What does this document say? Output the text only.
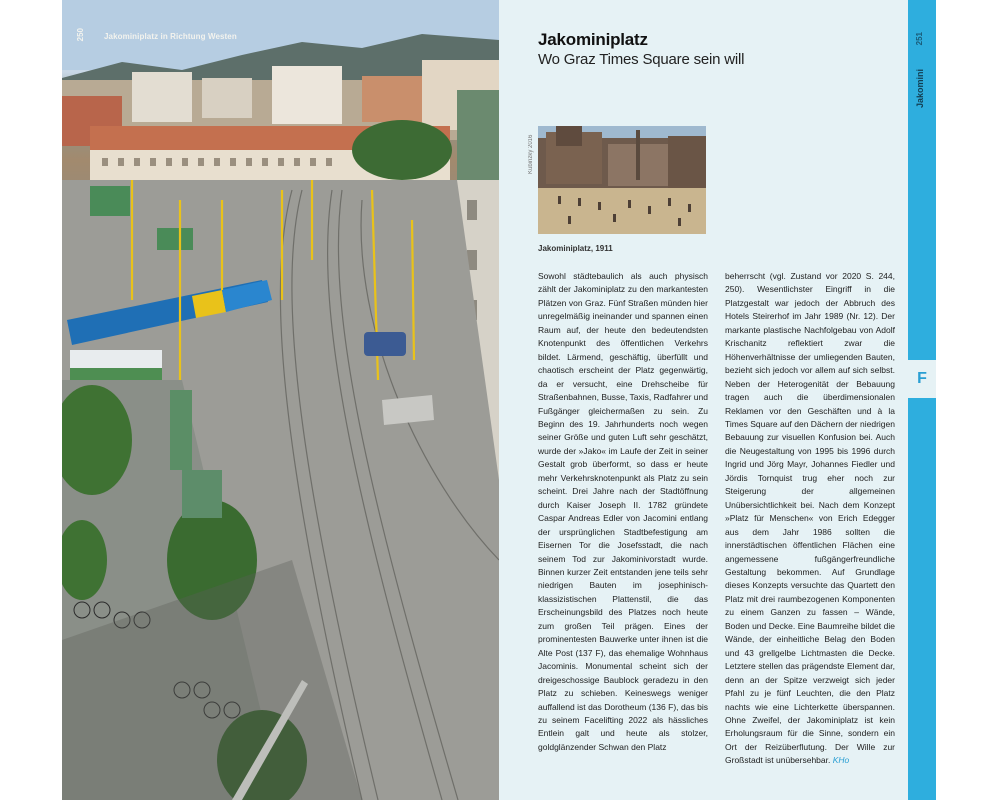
250 Jakominiplatz in Richtung Westen	251
Jakomini
F
Jakominiplatz
Wo Graz Times Square sein will
Kubinzky 2016
Jakominiplatz, 1911
Sowohl städtebaulich als auch physisch zählt der Jakominiplatz zu den markantesten Plätzen von Graz. Fünf Straßen münden hier unregelmäßig ineinander und spannen einen Raum auf, der heute den bedeutendsten Knotenpunkt des öffentlichen Verkehrs bildet. Lärmend, geschäftig, überfüllt und chaotisch erscheint der Platz gegenwärtig, da er versucht, eine Drehscheibe für Straßenbahnen, Busse, Taxis, Radfahrer und Fußgänger gleichermaßen zu sein. Zu Beginn des 19. Jahrhunderts noch wegen seiner Größe und guten Luft sehr geschätzt, wurde der »Jako« im Laufe der Zeit in seiner Gestalt grob überformt, so dass er heute mehr Verkehrsknotenpunkt als Platz zu sein scheint. Drei Jahre nach der Stadtöffnung durch Kaiser Joseph II. 1782 gründete Caspar Andreas Edler von Jacomini entlang der ursprünglichen Stadtbefestigung am Eisernen Tor die Josefsstadt, die nach seinem Tod zur Jakominivorstadt wurde. Binnen kurzer Zeit entstanden jene teils sehr niedrigen Bauten im josephinisch-klassizistischen Plattenstil, die das Erscheinungsbild des Platzes noch heute zum großen Teil prägen. Eines der prominentesten Bauwerke unter ihnen ist die Alte Post (137 F), das ehemalige Wohnhaus Jacominis. Monumental scheint sich der dreigeschossige Baublock geradezu in den Platz zu schieben. Keineswegs weniger auffallend ist das Dorotheum (136 F), das bis zu seinem Facelifting 2022 als hässliches Entlein galt und heute als stolzer, goldglänzender Schwan den Platz
beherrscht (vgl. Zustand vor 2020 S. 244, 250). Wesentlichster Eingriff in die Platzgestalt war jedoch der Abbruch des Hotels Steirerhof im Jahr 1989 (Nr. 12). Der markante plastische Nachfolgebau von Adolf Krischanitz reflektiert zwar die Höhenverhältnisse der umliegenden Bauten, bezieht sich jedoch vor allem auf sich selbst. Neben der Heterogenität der Bebauung tragen auch die überdimensionalen Reklamen vor den Geschäften und à la Times Square auf den Dächern der niedrigen Bebauung zur visuellen Konfusion bei. Auch die Neugestaltung von 1995 bis 1996 durch Ingrid und Jörg Mayr, Johannes Fiedler und Jördis Tornquist trug eher noch zur Steigerung der allgemeinen Unübersichtlichkeit bei. Nach dem Konzept »Platz für Menschen« von Erich Edegger aus dem Jahr 1986 sollten die innerstädtischen öffentlichen Flächen eine angemessene fußgängerfreundliche Gestaltung bekommen. Auf Grundlage dieses Konzepts versuchte das Quartett den Platz mit drei raumbezogenen Komponenten zu einem Ganzen zu fassen – Wände, Boden und Decke. Eine Baumreihe bildet die Wände, der einheitliche Belag den Boden und 43 grellgelbe Lichtmasten die Decke. Letztere stellen das prägendste Element dar, denn an der Spitze verzweigt sich jeder Pfahl zu je fünf Leuchten, die den Platz nachts wie eine Lichterkette überspannen. Ohne Zweifel, der Jakominiplatz ist kein Erholungsraum für die Sinne, sondern ein Ort der Reizüberflutung. Der Wille zur Großstadt ist unübersehbar. KHo
